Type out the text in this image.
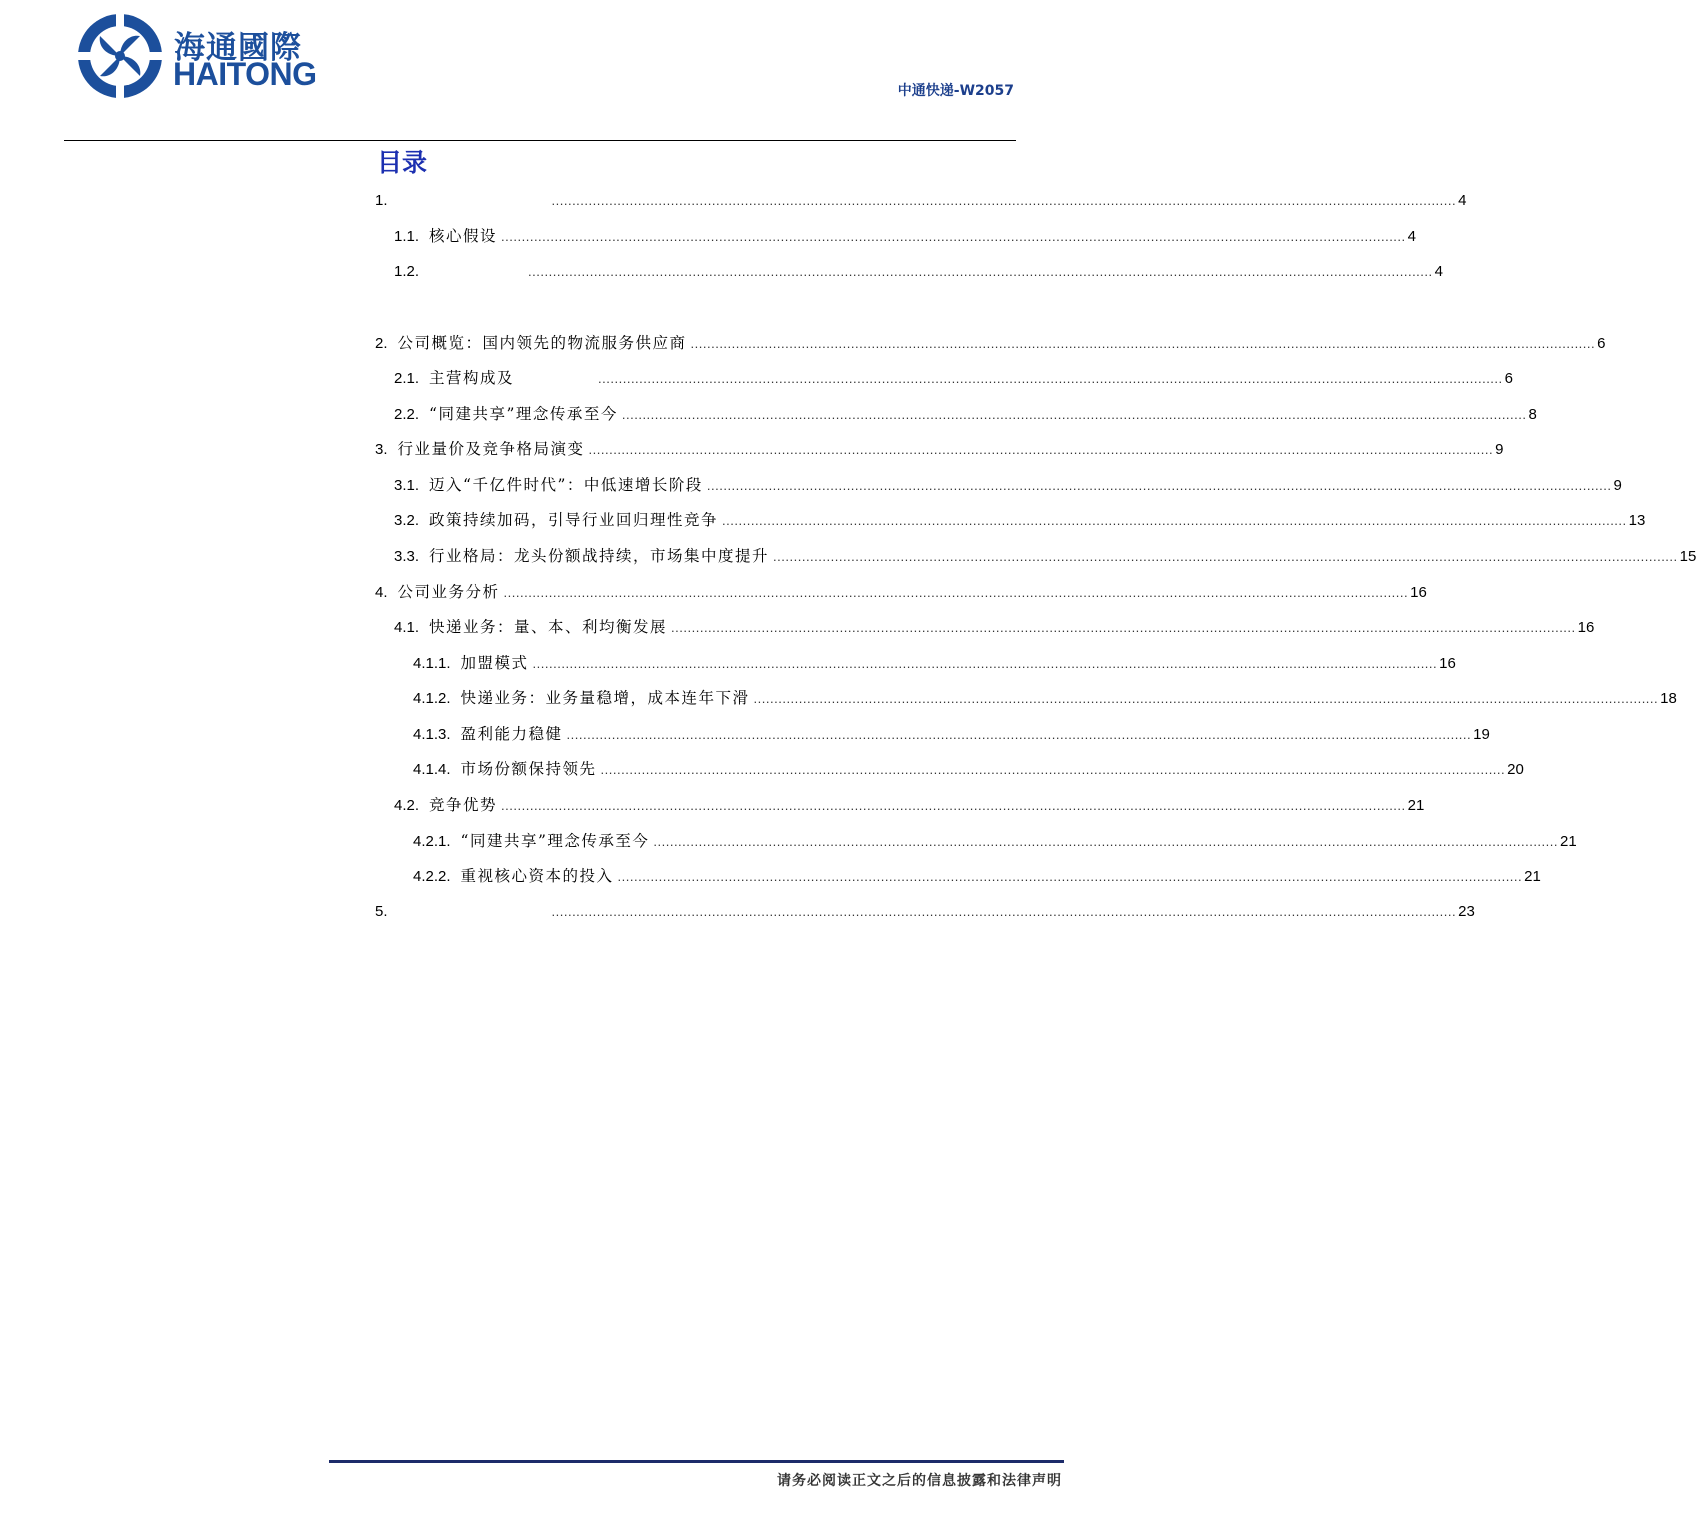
海通國際
HAITONG	中通快递-W2057
目录
1.	............................................................................................................................................................................................................................ 4
1.1. 核心假设 ............................................................................................................................................................................................................................ 4
1.2.	............................................................................................................................................................................................................................ 4
2. 公司概览：国内领先的物流服务供应商 ............................................................................................................................................................................................................................ 6
2.1. 主营构成及	............................................................................................................................................................................................................................ 6
2.2. “同建共享”理念传承至今 ............................................................................................................................................................................................................................ 8
3. 行业量价及竞争格局演变 ............................................................................................................................................................................................................................ 9
3.1. 迈入“千亿件时代”：中低速增长阶段 ............................................................................................................................................................................................................................ 9
3.2. 政策持续加码，引导行业回归理性竞争 ............................................................................................................................................................................................................................ 13
3.3. 行业格局：龙头份额战持续，市场集中度提升 ............................................................................................................................................................................................................................ 15
4. 公司业务分析 ............................................................................................................................................................................................................................ 16
4.1. 快递业务：量、本、利均衡发展 ............................................................................................................................................................................................................................ 16
4.1.1. 加盟模式 ............................................................................................................................................................................................................................ 16
4.1.2. 快递业务：业务量稳增，成本连年下滑 ............................................................................................................................................................................................................................ 18
4.1.3. 盈利能力稳健 ............................................................................................................................................................................................................................ 19
4.1.4. 市场份额保持领先 ............................................................................................................................................................................................................................ 20
4.2. 竞争优势 ............................................................................................................................................................................................................................ 21
4.2.1. “同建共享”理念传承至今 ............................................................................................................................................................................................................................ 21
4.2.2. 重视核心资本的投入 ............................................................................................................................................................................................................................ 21
5.	............................................................................................................................................................................................................................ 23
请务必阅读正文之后的信息披露和法律声明
